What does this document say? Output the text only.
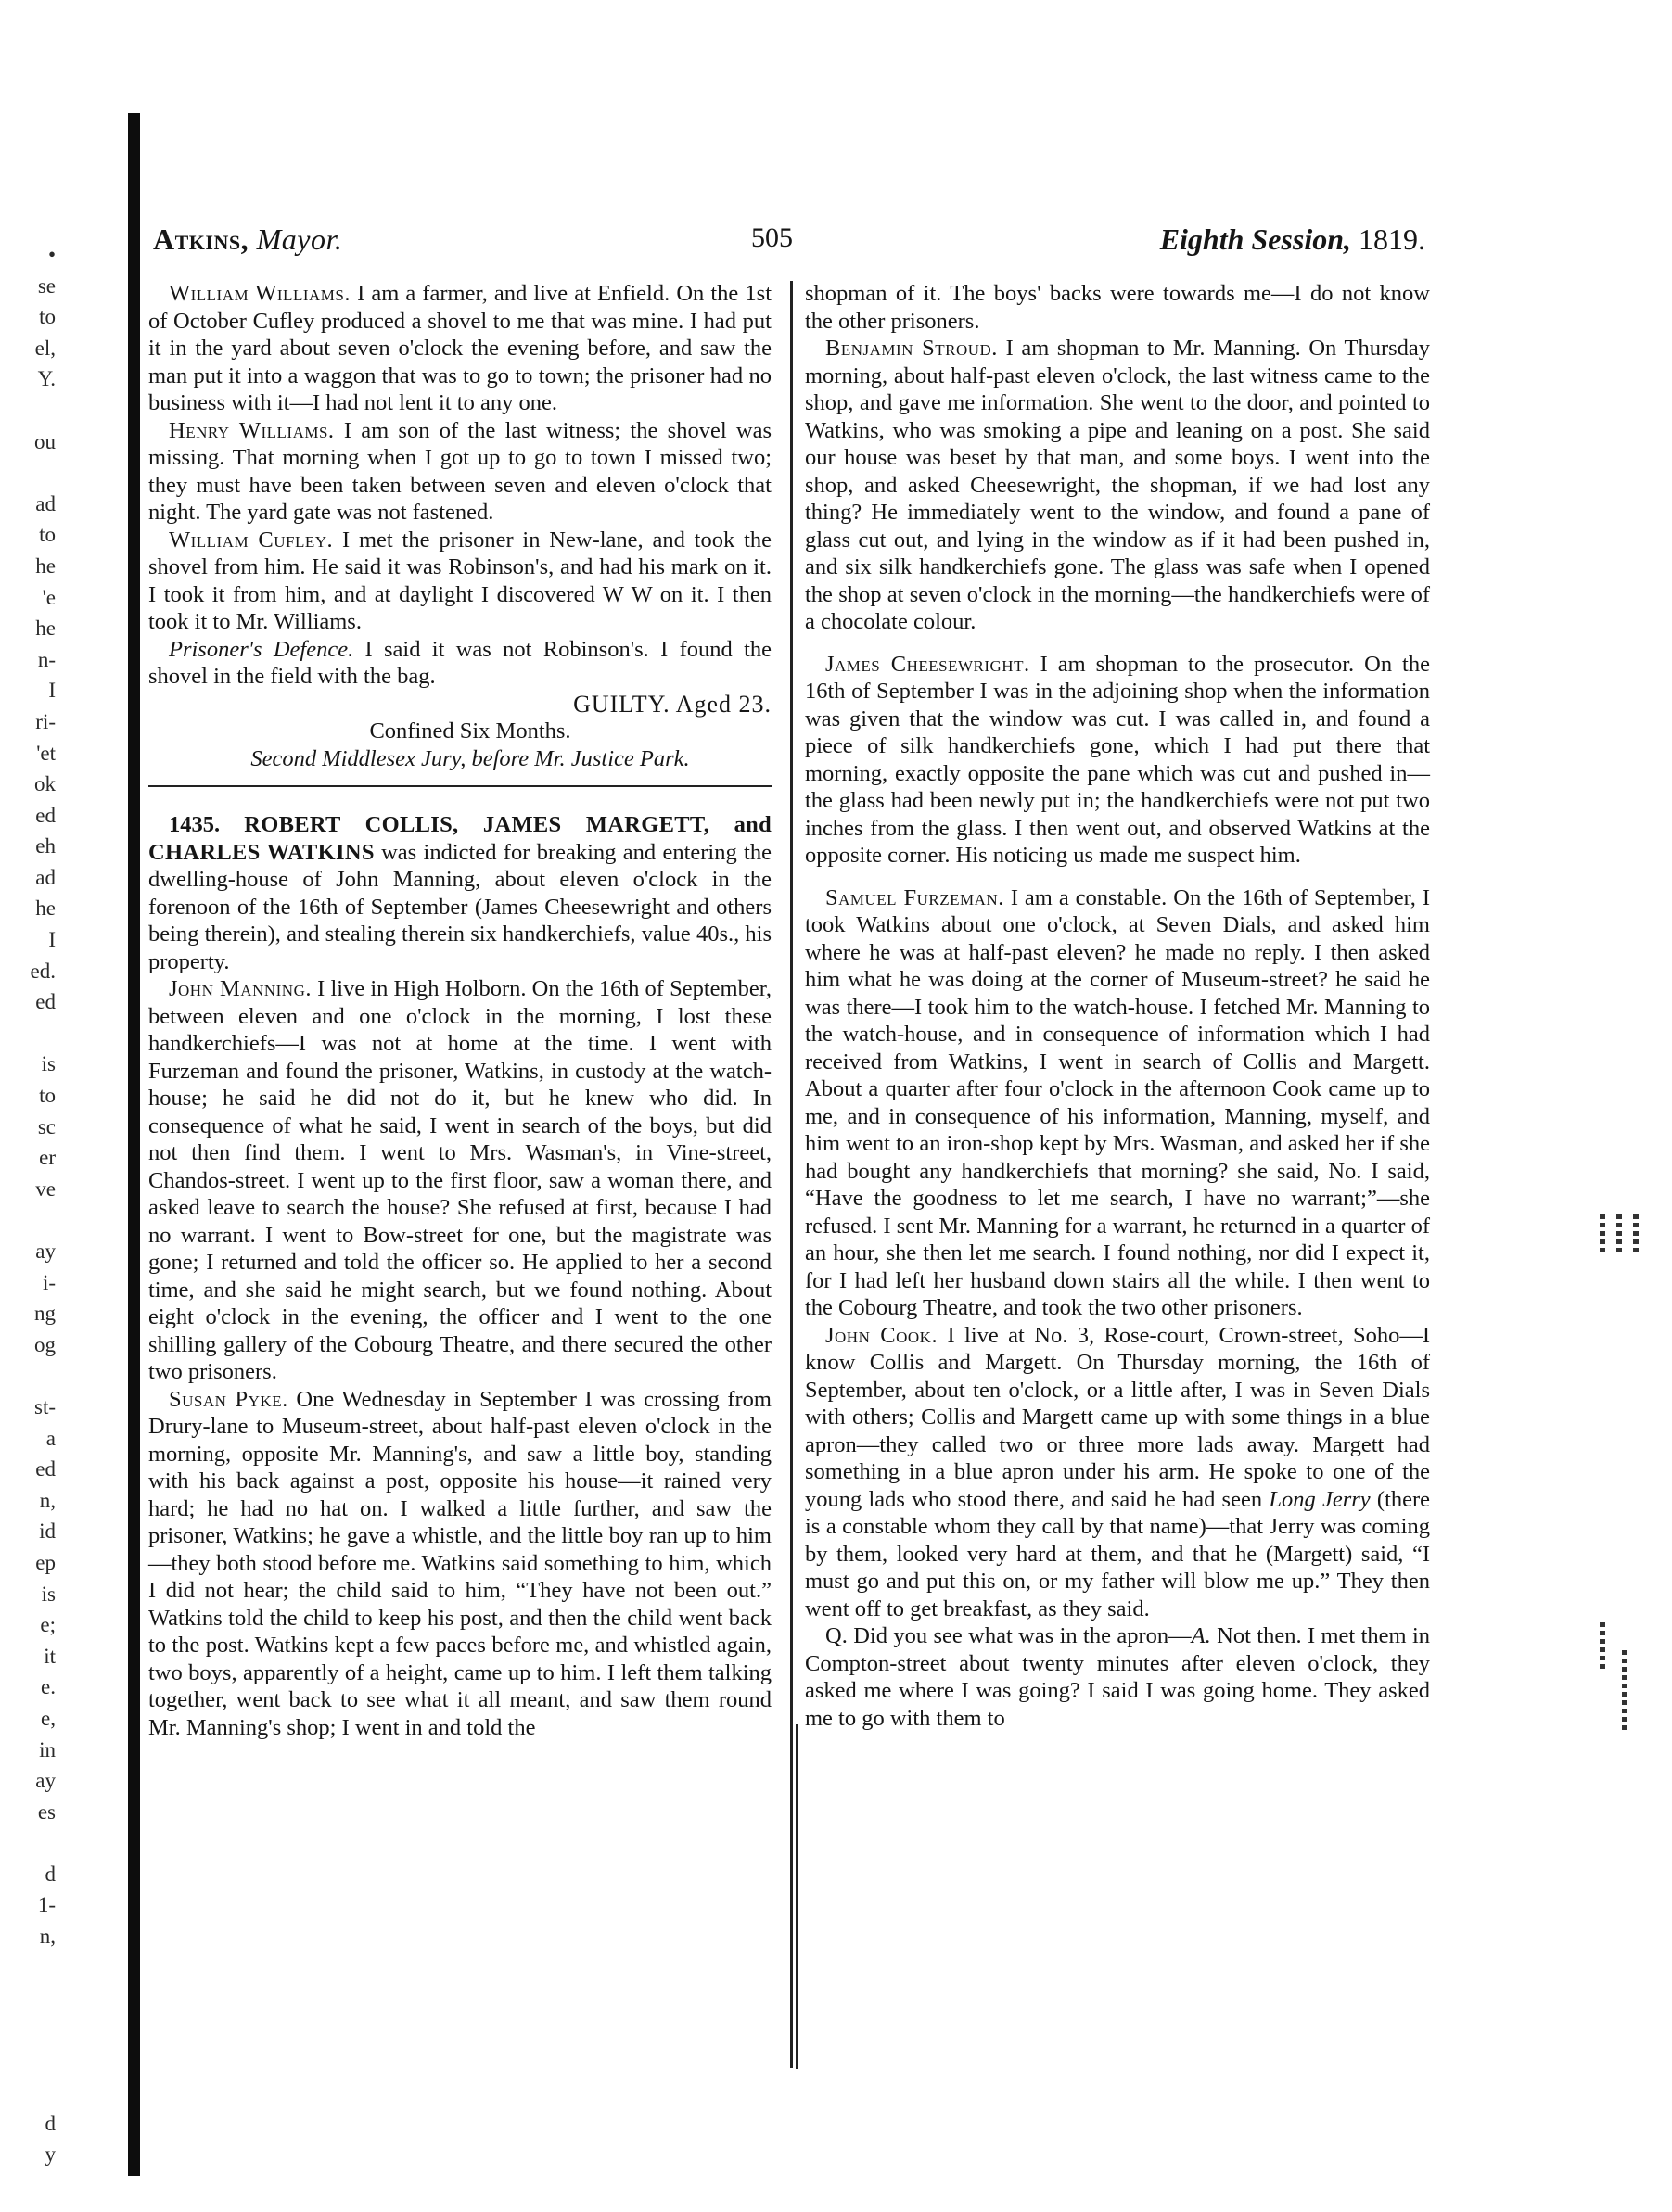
•
se
to
el,
Y.
ou
ad
to
he
'e
he
n-
I
ri-
'et
ok
ed
eh
ad
he
I
ed.
ed
is
to
sc
er
ve
ay
i-
ng
og
st-
a
ed
n,
id
ep
is
e;
it
e.
e,
in
ay
es
d
1-
n,
d
y
Atkins, Mayor.	505	Eighth Session, 1819.

William Williams. I am a farmer, and live at Enfield. On the 1st of October Cufley produced a shovel to me that was mine. I had put it in the yard about seven o'clock the evening before, and saw the man put it into a waggon that was to go to town; the prisoner had no business with it—I had not lent it to any one.

Henry Williams. I am son of the last witness; the shovel was missing. That morning when I got up to go to town I missed two; they must have been taken between seven and eleven o'clock that night. The yard gate was not fastened.

William Cufley. I met the prisoner in New-lane, and took the shovel from him. He said it was Robinson's, and had his mark on it. I took it from him, and at daylight I discovered W W on it. I then took it to Mr. Williams.

Prisoner's Defence. I said it was not Robinson's. I found the shovel in the field with the bag.

GUILTY. Aged 23.

Confined Six Months.

Second Middlesex Jury, before Mr. Justice Park.

1435. ROBERT COLLIS, JAMES MARGETT, and CHARLES WATKINS was indicted for breaking and entering the dwelling-house of John Manning, about eleven o'clock in the forenoon of the 16th of September (James Cheesewright and others being therein), and stealing therein six handkerchiefs, value 40s., his property.

John Manning. I live in High Holborn. On the 16th of September, between eleven and one o'clock in the morning, I lost these handkerchiefs—I was not at home at the time. I went with Furzeman and found the prisoner, Watkins, in custody at the watch-house; he said he did not do it, but he knew who did. In consequence of what he said, I went in search of the boys, but did not then find them. I went to Mrs. Wasman's, in Vine-street, Chandos-street. I went up to the first floor, saw a woman there, and asked leave to search the house? She refused at first, because I had no warrant. I went to Bow-street for one, but the magistrate was gone; I returned and told the officer so. He applied to her a second time, and she said he might search, but we found nothing. About eight o'clock in the evening, the officer and I went to the one shilling gallery of the Cobourg Theatre, and there secured the other two prisoners.

Susan Pyke. One Wednesday in September I was crossing from Drury-lane to Museum-street, about half-past eleven o'clock in the morning, opposite Mr. Manning's, and saw a little boy, standing with his back against a post, opposite his house—it rained very hard; he had no hat on. I walked a little further, and saw the prisoner, Watkins; he gave a whistle, and the little boy ran up to him—they both stood before me. Watkins said something to him, which I did not hear; the child said to him, “They have not been out.” Watkins told the child to keep his post, and then the child went back to the post. Watkins kept a few paces before me, and whistled again, two boys, apparently of a height, came up to him. I left them talking together, went back to see what it all meant, and saw them round Mr. Manning's shop; I went in and told the

shopman of it. The boys' backs were towards me—I do not know the other prisoners.

Benjamin Stroud. I am shopman to Mr. Manning. On Thursday morning, about half-past eleven o'clock, the last witness came to the shop, and gave me information. She went to the door, and pointed to Watkins, who was smoking a pipe and leaning on a post. She said our house was beset by that man, and some boys. I went into the shop, and asked Cheesewright, the shopman, if we had lost any thing? He immediately went to the window, and found a pane of glass cut out, and lying in the window as if it had been pushed in, and six silk handkerchiefs gone. The glass was safe when I opened the shop at seven o'clock in the morning—the handkerchiefs were of a chocolate colour.

James Cheesewright. I am shopman to the prosecutor. On the 16th of September I was in the adjoining shop when the information was given that the window was cut. I was called in, and found a piece of silk handkerchiefs gone, which I had put there that morning, exactly opposite the pane which was cut and pushed in—the glass had been newly put in; the handkerchiefs were not put two inches from the glass. I then went out, and observed Watkins at the opposite corner. His noticing us made me suspect him.

Samuel Furzeman. I am a constable. On the 16th of September, I took Watkins about one o'clock, at Seven Dials, and asked him where he was at half-past eleven? he made no reply. I then asked him what he was doing at the corner of Museum-street? he said he was there—I took him to the watch-house. I fetched Mr. Manning to the watch-house, and in consequence of information which I had received from Watkins, I went in search of Collis and Margett. About a quarter after four o'clock in the afternoon Cook came up to me, and in consequence of his information, Manning, myself, and him went to an iron-shop kept by Mrs. Wasman, and asked her if she had bought any handkerchiefs that morning? she said, No. I said, “Have the goodness to let me search, I have no warrant;”—she refused. I sent Mr. Manning for a warrant, he returned in a quarter of an hour, she then let me search. I found nothing, nor did I expect it, for I had left her husband down stairs all the while. I then went to the Cobourg Theatre, and took the two other prisoners.

John Cook. I live at No. 3, Rose-court, Crown-street, Soho—I know Collis and Margett. On Thursday morning, the 16th of September, about ten o'clock, or a little after, I was in Seven Dials with others; Collis and Margett came up with some things in a blue apron—they called two or three more lads away. Margett had something in a blue apron under his arm. He spoke to one of the young lads who stood there, and said he had seen Long Jerry (there is a constable whom they call by that name)—that Jerry was coming by them, looked very hard at them, and that he (Margett) said, “I must go and put this on, or my father will blow me up.” They then went off to get breakfast, as they said.

Q. Did you see what was in the apron—A. Not then. I met them in Compton-street about twenty minutes after eleven o'clock, they asked me where I was going? I said I was going home. They asked me to go with them to
